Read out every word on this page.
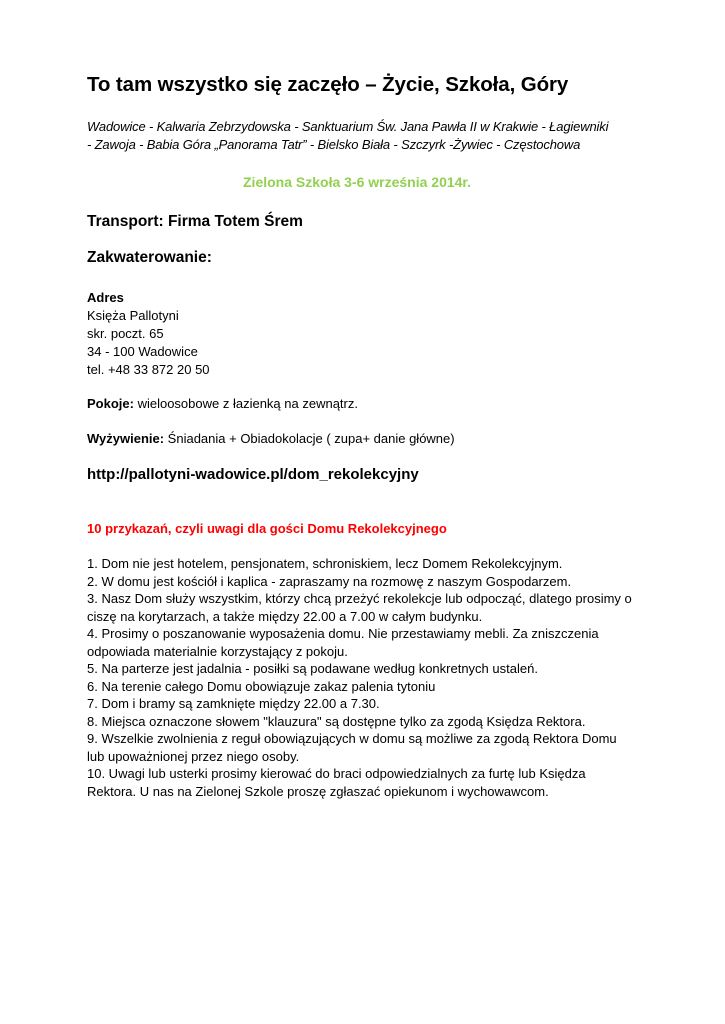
To tam wszystko się zaczęło – Życie, Szkoła, Góry
Wadowice - Kalwaria Zebrzydowska - Sanktuarium Św. Jana Pawła II w Krakwie - Łagiewniki
- Zawoja - Babia Góra „Panorama Tatr” - Bielsko Biała - Szczyrk -Żywiec - Częstochowa
Zielona Szkoła 3-6 września 2014r.
Transport: Firma Totem Śrem
Zakwaterowanie:
Adres
Księża Pallotyni
skr. poczt. 65
34 - 100 Wadowice
tel. +48 33 872 20 50
Pokoje: wieloosobowe z łazienką na zewnątrz.
Wyżywienie: Śniadania + Obiadokolacje ( zupa+ danie główne)
http://pallotyni-wadowice.pl/dom_rekolekcyjny
10 przykazań, czyli uwagi dla gości Domu Rekolekcyjnego
1. Dom nie jest hotelem, pensjonatem, schroniskiem, lecz Domem Rekolekcyjnym.
2. W domu jest kościół i kaplica - zapraszamy na rozmowę z naszym Gospodarzem.
3. Nasz Dom służy wszystkim, którzy chcą przeżyć rekolekcje lub odpocząć, dlatego prosimy o
ciszę na korytarzach, a także między 22.00 a 7.00 w całym budynku.
4. Prosimy o poszanowanie wyposażenia domu. Nie przestawiamy mebli. Za zniszczenia
odpowiada materialnie korzystający z pokoju.
5. Na parterze jest jadalnia - posiłki są podawane według konkretnych ustaleń.
6. Na terenie całego Domu obowiązuje zakaz palenia tytoniu
7. Dom i bramy są zamknięte między 22.00 a 7.30.
8. Miejsca oznaczone słowem "klauzura" są dostępne tylko za zgodą Księdza Rektora.
9. Wszelkie zwolnienia z reguł obowiązujących w domu są możliwe za zgodą Rektora Domu
lub upoważnionej przez niego osoby.
10. Uwagi lub usterki prosimy kierować do braci odpowiedzialnych za furtę lub Księdza
Rektora. U nas na Zielonej Szkole proszę zgłaszać opiekunom i wychowawcom.
